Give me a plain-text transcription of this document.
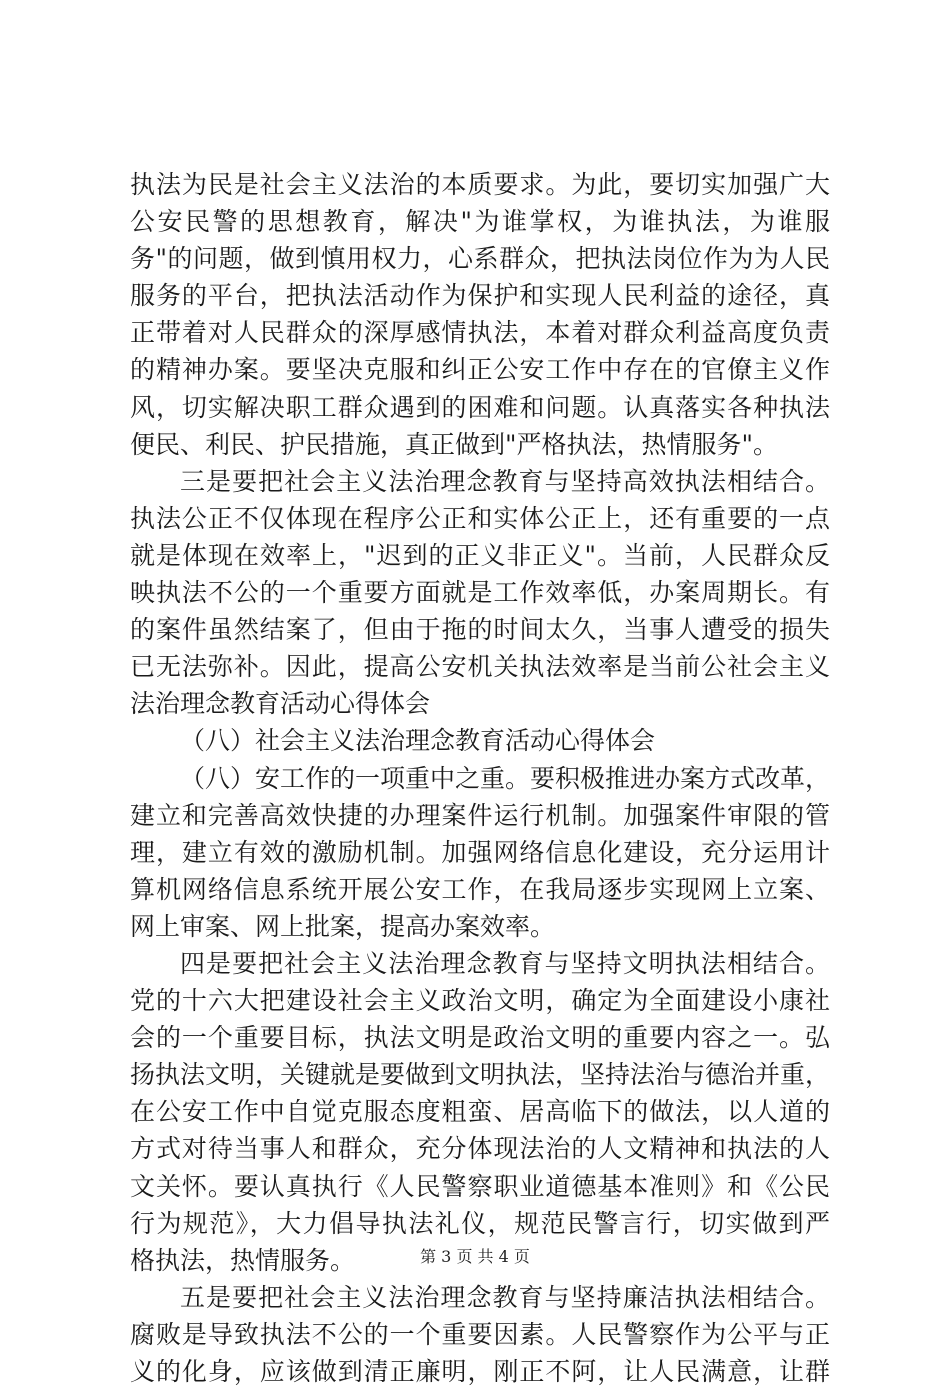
执法为民是社会主义法治的本质要求。为此，要切实加强广大
公安民警的思想教育，解决"为谁掌权，为谁执法，为谁服
务"的问题，做到慎用权力，心系群众，把执法岗位作为为人民
服务的平台，把执法活动作为保护和实现人民利益的途径，真
正带着对人民群众的深厚感情执法，本着对群众利益高度负责
的精神办案。要坚决克服和纠正公安工作中存在的官僚主义作
风，切实解决职工群众遇到的困难和问题。认真落实各种执法
便民、利民、护民措施，真正做到"严格执法，热情服务"。
三是要把社会主义法治理念教育与坚持高效执法相结合。
执法公正不仅体现在程序公正和实体公正上，还有重要的一点
就是体现在效率上，"迟到的正义非正义"。当前，人民群众反
映执法不公的一个重要方面就是工作效率低，办案周期长。有
的案件虽然结案了，但由于拖的时间太久，当事人遭受的损失
已无法弥补。因此，提高公安机关执法效率是当前公社会主义
法治理念教育活动心得体会
（八）社会主义法治理念教育活动心得体会
（八）安工作的一项重中之重。要积极推进办案方式改革，
建立和完善高效快捷的办理案件运行机制。加强案件审限的管
理，建立有效的激励机制。加强网络信息化建设，充分运用计
算机网络信息系统开展公安工作，在我局逐步实现网上立案、
网上审案、网上批案，提高办案效率。
四是要把社会主义法治理念教育与坚持文明执法相结合。
党的十六大把建设社会主义政治文明，确定为全面建设小康社
会的一个重要目标，执法文明是政治文明的重要内容之一。弘
扬执法文明，关键就是要做到文明执法，坚持法治与德治并重，
在公安工作中自觉克服态度粗蛮、居高临下的做法，以人道的
方式对待当事人和群众，充分体现法治的人文精神和执法的人
文关怀。要认真执行《人民警察职业道德基本准则》和《公民
行为规范》，大力倡导执法礼仪，规范民警言行，切实做到严
格执法，热情服务。
五是要把社会主义法治理念教育与坚持廉洁执法相结合。
腐败是导致执法不公的一个重要因素。人民警察作为公平与正
义的化身，应该做到清正廉明，刚正不阿，让人民满意，让群
第 3 页 共 4 页
